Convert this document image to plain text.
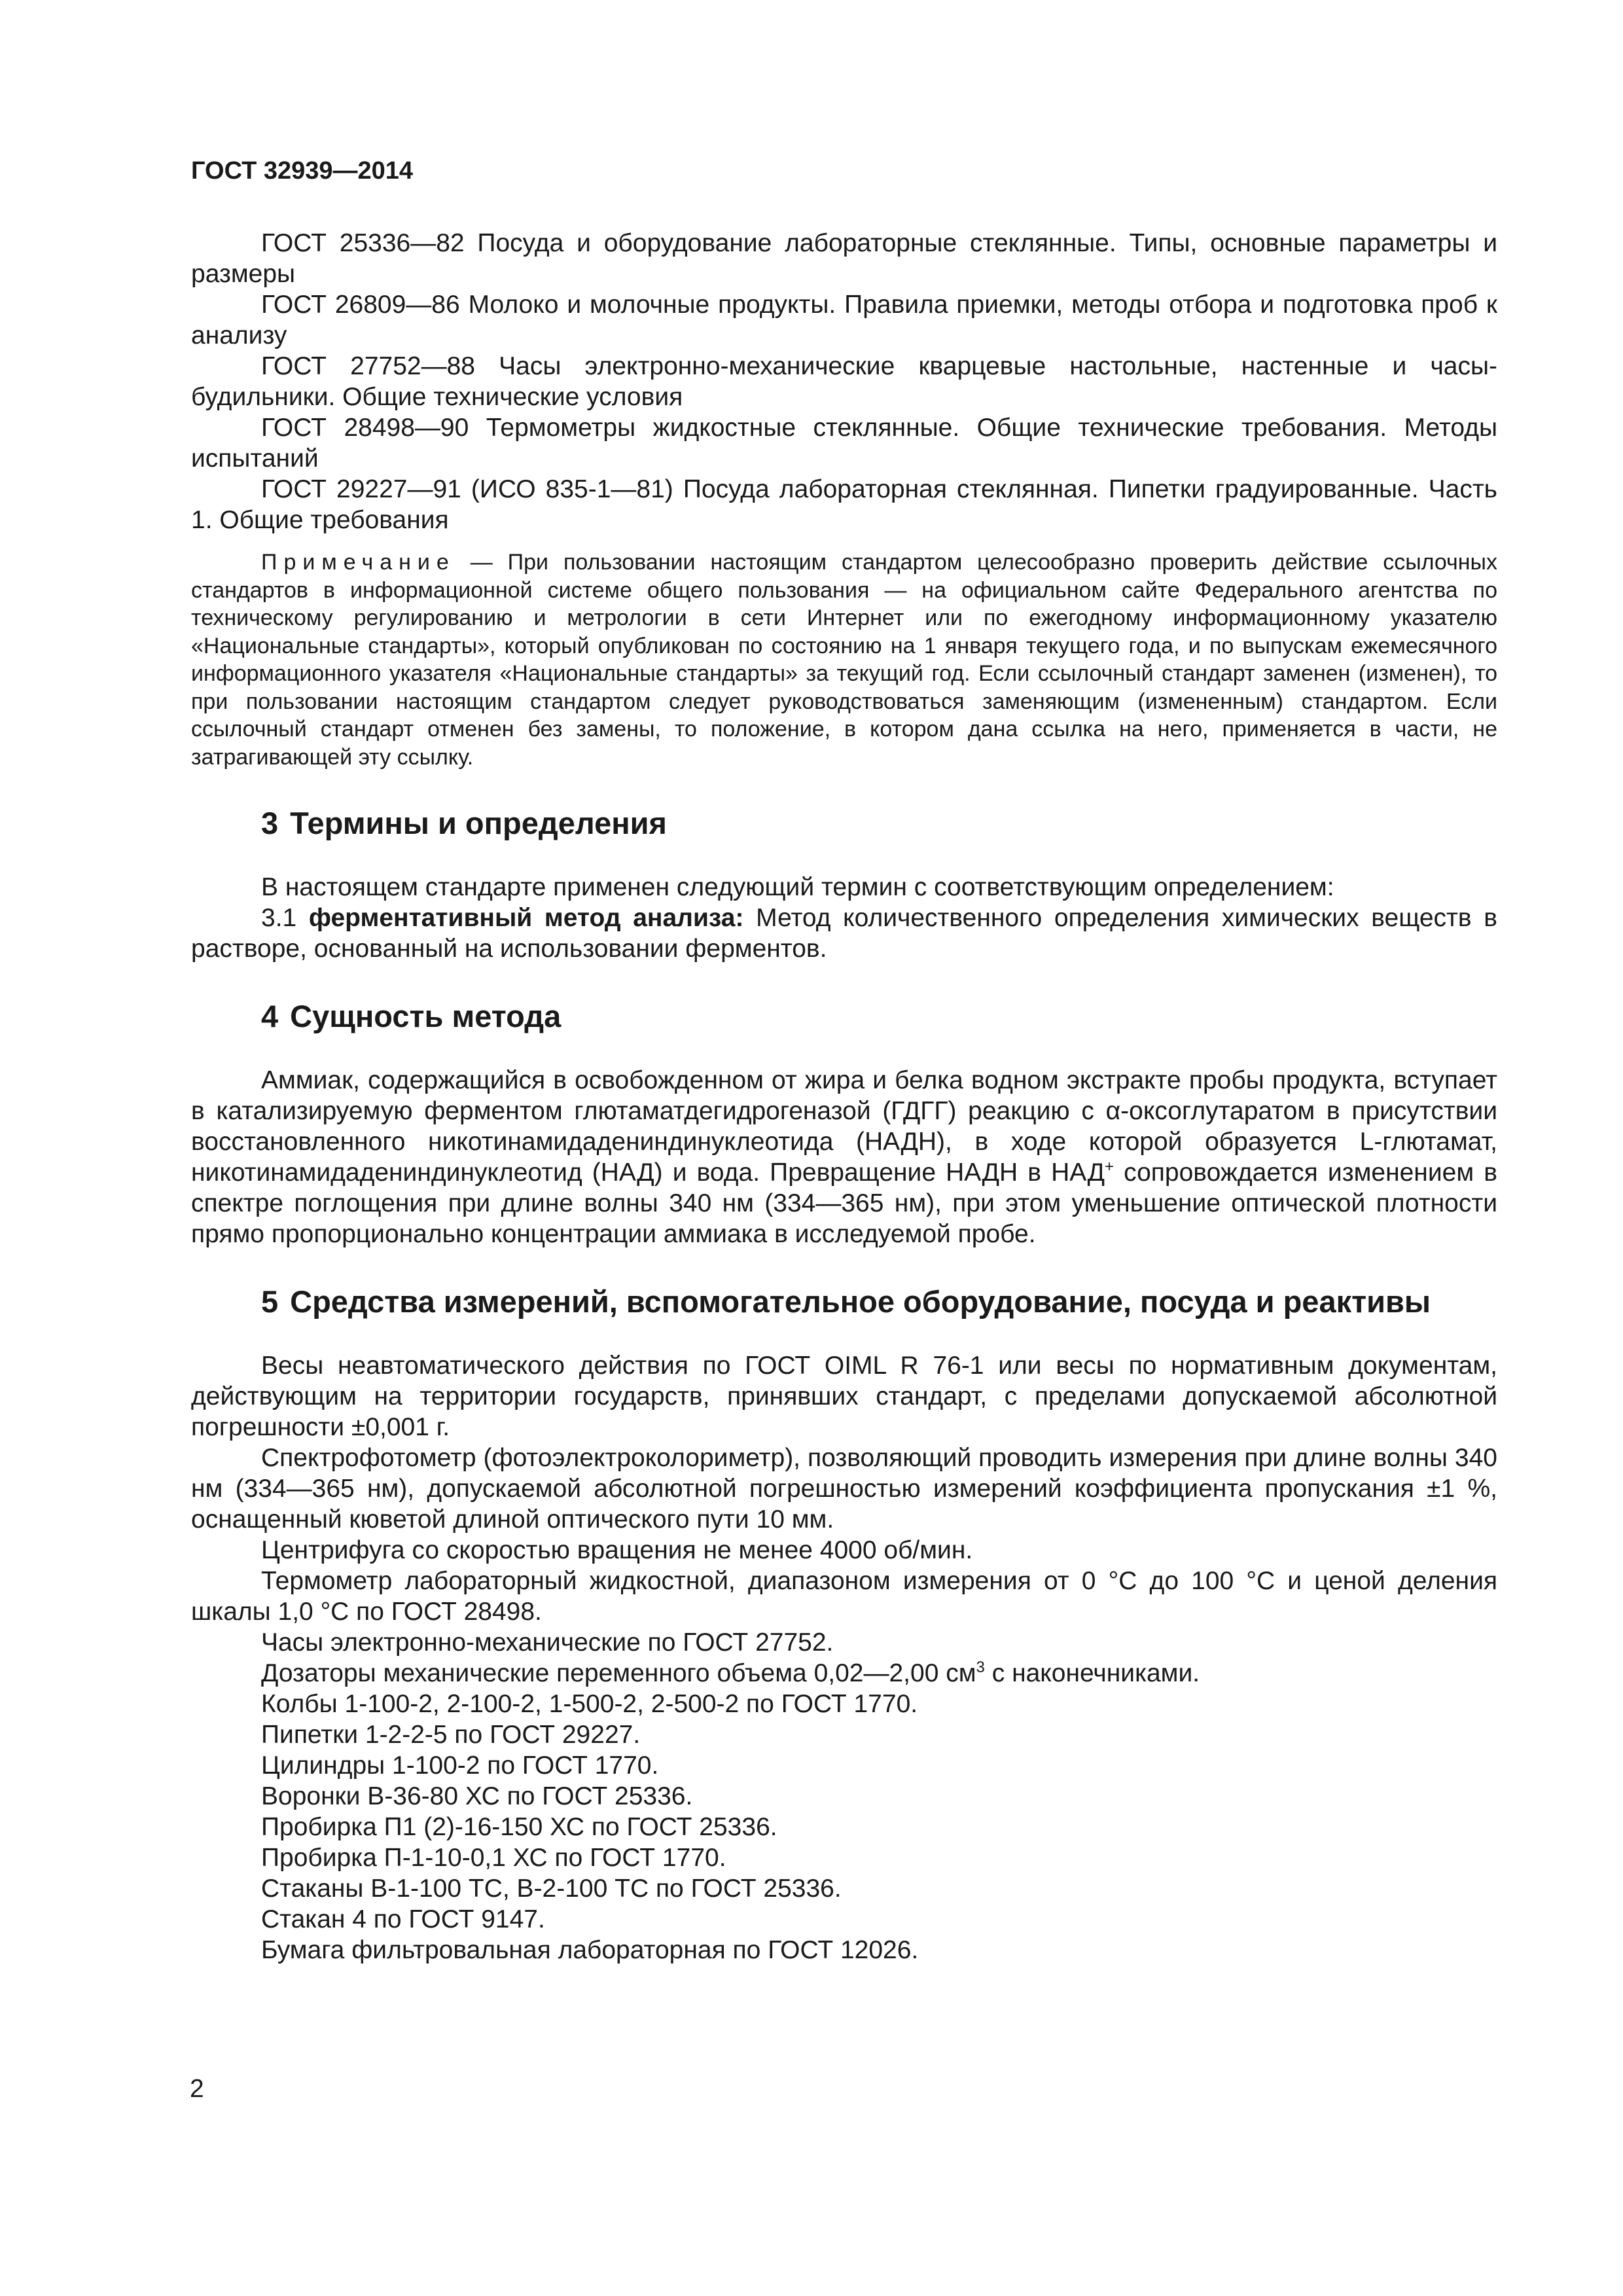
ГОСТ 32939—2014

ГОСТ 25336—82 Посуда и оборудование лабораторные стеклянные. Типы, основные параметры и размеры

ГОСТ 26809—86 Молоко и молочные продукты. Правила приемки, методы отбора и подготовка проб к анализу

ГОСТ 27752—88 Часы электронно-механические кварцевые настольные, настенные и часы-будильники. Общие технические условия

ГОСТ 28498—90 Термометры жидкостные стеклянные. Общие технические требования. Методы испытаний

ГОСТ 29227—91 (ИСО 835-1—81) Посуда лабораторная стеклянная. Пипетки градуированные. Часть 1. Общие требования

Примечание — При пользовании настоящим стандартом целесообразно проверить действие ссылочных стандартов в информационной системе общего пользования — на официальном сайте Федерального агентства по техническому регулированию и метрологии в сети Интернет или по ежегодному информационному указателю «Национальные стандарты», который опубликован по состоянию на 1 января текущего года, и по выпускам ежемесячного информационного указателя «Национальные стандарты» за текущий год. Если ссылочный стандарт заменен (изменен), то при пользовании настоящим стандартом следует руководствоваться заменяющим (измененным) стандартом. Если ссылочный стандарт отменен без замены, то положение, в котором дана ссылка на него, применяется в части, не затрагивающей эту ссылку.

3 Термины и определения

В настоящем стандарте применен следующий термин с соответствующим определением:

3.1 ферментативный метод анализа: Метод количественного определения химических веществ в растворе, основанный на использовании ферментов.

4 Сущность метода

Аммиак, содержащийся в освобожденном от жира и белка водном экстракте пробы продукта, вступает в катализируемую ферментом глютаматдегидрогеназой (ГДГГ) реакцию с α-оксоглутаратом в присутствии восстановленного никотинамидадениндинуклеотида (НАДН), в ходе которой образуется L-глютамат, никотинамидадениндинуклеотид (НАД) и вода. Превращение НАДН в НАД+ сопровождается изменением в спектре поглощения при длине волны 340 нм (334—365 нм), при этом уменьшение оптической плотности прямо пропорционально концентрации аммиака в исследуемой пробе.

5 Средства измерений, вспомогательное оборудование, посуда и реактивы

Весы неавтоматического действия по ГОСТ OIML R 76-1 или весы по нормативным документам, действующим на территории государств, принявших стандарт, с пределами допускаемой абсолютной погрешности ±0,001 г.

Спектрофотометр (фотоэлектроколориметр), позволяющий проводить измерения при длине волны 340 нм (334—365 нм), допускаемой абсолютной погрешностью измерений коэффициента пропускания ±1 %, оснащенный кюветой длиной оптического пути 10 мм.

Центрифуга со скоростью вращения не менее 4000 об/мин.

Термометр лабораторный жидкостной, диапазоном измерения от 0 °С до 100 °С и ценой деления шкалы 1,0 °С по ГОСТ 28498.

Часы электронно-механические по ГОСТ 27752.

Дозаторы механические переменного объема 0,02—2,00 $см^3$ с наконечниками.

Колбы 1-100-2, 2-100-2, 1-500-2, 2-500-2 по ГОСТ 1770.

Пипетки 1-2-2-5 по ГОСТ 29227.

Цилиндры 1-100-2 по ГОСТ 1770.

Воронки В-36-80 ХС по ГОСТ 25336.

Пробирка П1 (2)-16-150 ХС по ГОСТ 25336.

Пробирка П-1-10-0,1 ХС по ГОСТ 1770.

Стаканы В-1-100 ТС, В-2-100 ТС по ГОСТ 25336.

Стакан 4 по ГОСТ 9147.

Бумага фильтровальная лабораторная по ГОСТ 12026.

2
